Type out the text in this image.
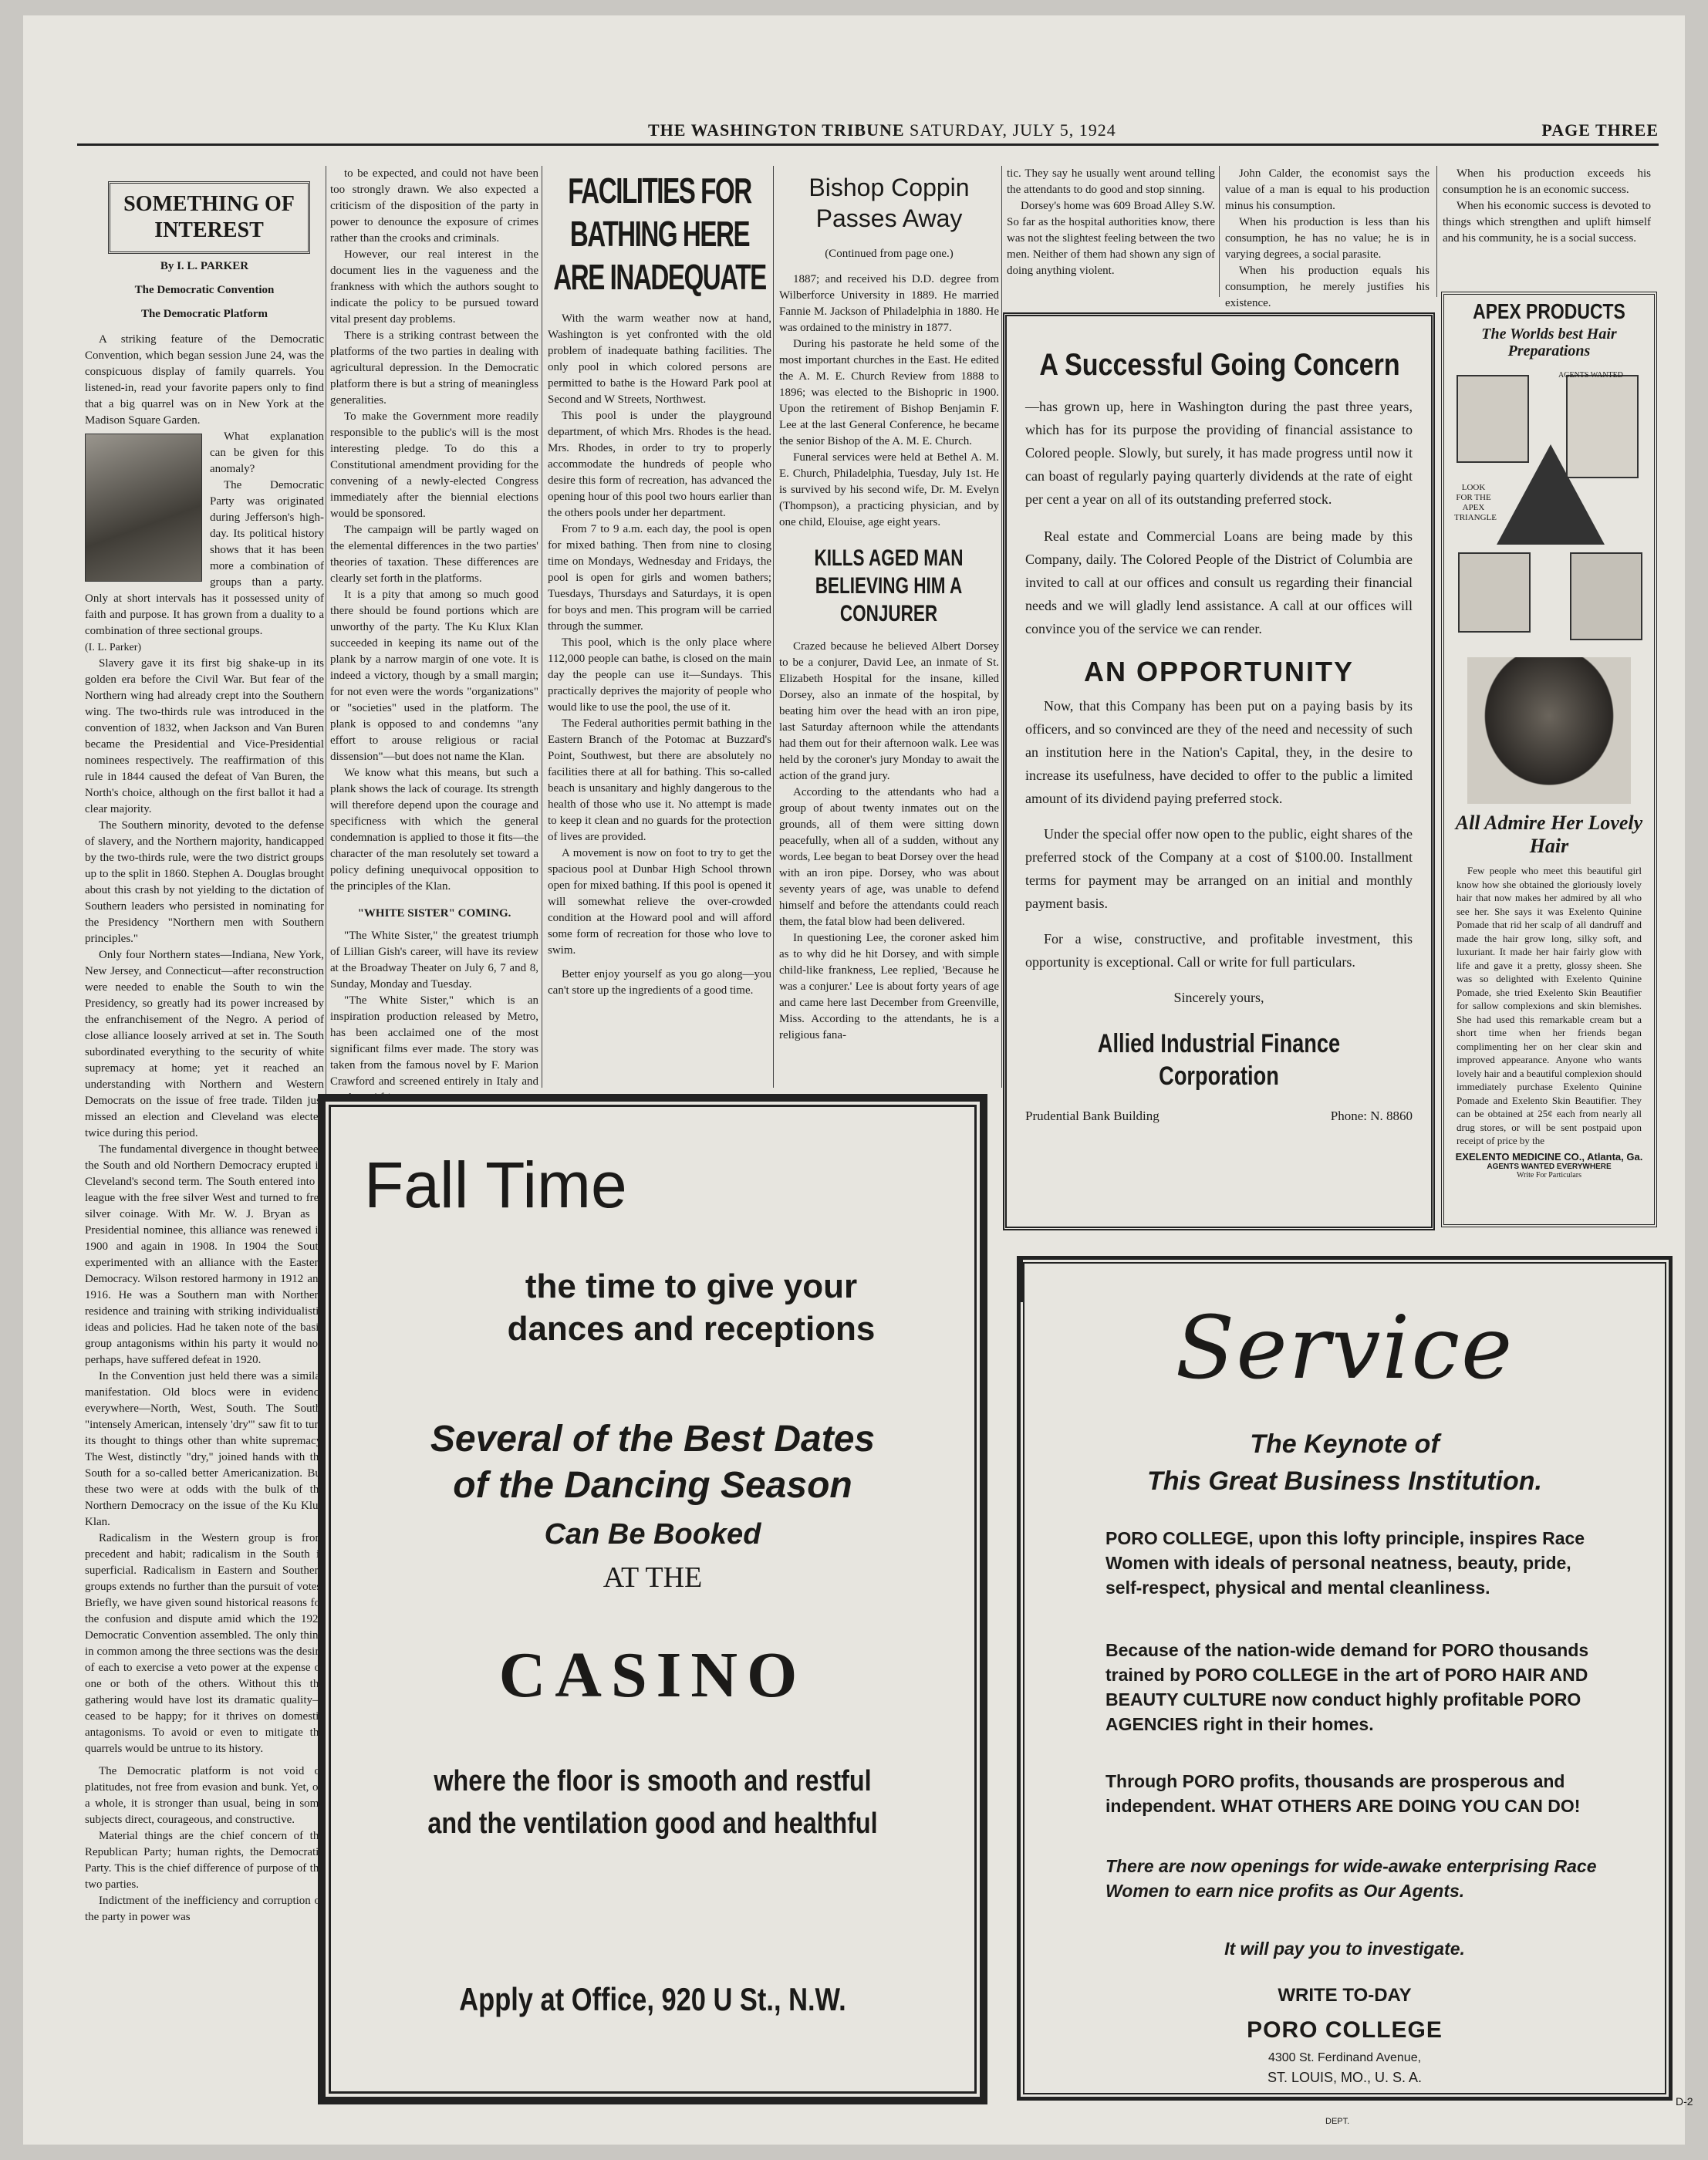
THE WASHINGTON TRIBUNE SATURDAY, JULY 5, 1924	PAGE THREE
SOMETHING OF INTEREST
By I. L. PARKER
The Democratic Convention
The Democratic Platform

A striking feature of the Democratic Convention, which began session June 24, was the conspicuous display of family quarrels. You listened-in, read your favorite papers only to find that a big quarrel was on in New York at the Madison Square Garden.

What explanation can be given for this anomaly?

The Democratic Party was originated during Jefferson's high-day. Its political history shows that it has been more a combination of groups than a party. Only at short intervals has it possessed unity of faith and purpose. It has grown from a duality to a combination of three sectional groups.

(I. L. Parker)

Slavery gave it its first big shake-up in its golden era before the Civil War. But fear of the Northern wing had already crept into the Southern wing. The two-thirds rule was introduced in the convention of 1832, when Jackson and Van Buren became the Presidential and Vice-Presidential nominees respectively. The reaffirmation of this rule in 1844 caused the defeat of Van Buren, the North's choice, although on the first ballot it had a clear majority.

The Southern minority, devoted to the defense of slavery, and the Northern majority, handicapped by the two-thirds rule, were the two district groups up to the split in 1860. Stephen A. Douglas brought about this crash by not yielding to the dictation of Southern leaders who persisted in nominating for the Presidency "Northern men with Southern principles."

Only four Northern states—Indiana, New York, New Jersey, and Connecticut—after reconstruction were needed to enable the South to win the Presidency, so greatly had its power increased by the enfranchisement of the Negro. A period of close alliance loosely arrived at set in. The South subordinated everything to the security of white supremacy at home; yet it reached an understanding with Northern and Western Democrats on the issue of free trade. Tilden just missed an election and Cleveland was elected twice during this period.

The fundamental divergence in thought between the South and old Northern Democracy erupted in Cleveland's second term. The South entered into a league with the free silver West and turned to free silver coinage. With Mr. W. J. Bryan as a Presidential nominee, this alliance was renewed in 1900 and again in 1908. In 1904 the South experimented with an alliance with the Eastern Democracy. Wilson restored harmony in 1912 and 1916. He was a Southern man with Northern residence and training with striking individualistic ideas and policies. Had he taken note of the basic group antagonisms within his party it would not, perhaps, have suffered defeat in 1920.

In the Convention just held there was a similar manifestation. Old blocs were in evidence everywhere—North, West, South. The South, "intensely American, intensely 'dry'" saw fit to turn its thought to things other than white supremacy. The West, distinctly "dry," joined hands with the South for a so-called better Americanization. But these two were at odds with the bulk of the Northern Democracy on the issue of the Ku Klux Klan.

Radicalism in the Western group is from precedent and habit; radicalism in the South is superficial. Radicalism in Eastern and Southern groups extends no further than the pursuit of votes. Briefly, we have given sound historical reasons for the confusion and dispute amid which the 1924 Democratic Convention assembled. The only thing in common among the three sections was the desire of each to exercise a veto power at the expense of one or both of the others. Without this the gathering would have lost its dramatic quality—ceased to be happy; for it thrives on domestic antagonisms. To avoid or even to mitigate the quarrels would be untrue to its history.

The Democratic platform is not void of platitudes, not free from evasion and bunk. Yet, on a whole, it is stronger than usual, being in some subjects direct, courageous, and constructive.

Material things are the chief concern of the Republican Party; human rights, the Democratic Party. This is the chief difference of purpose of the two parties.

Indictment of the inefficiency and corruption of the party in power was

to be expected, and could not have been too strongly drawn. We also expected a criticism of the disposition of the party in power to denounce the exposure of crimes rather than the crooks and criminals.

However, our real interest in the document lies in the vagueness and the frankness with which the authors sought to indicate the policy to be pursued toward vital present day problems.

There is a striking contrast between the platforms of the two parties in dealing with agricultural depression. In the Democratic platform there is but a string of meaningless generalities.

To make the Government more readily responsible to the public's will is the most interesting pledge. To do this a Constitutional amendment providing for the convening of a newly-elected Congress immediately after the biennial elections would be sponsored.

The campaign will be partly waged on the elemental differences in the two parties' theories of taxation. These differences are clearly set forth in the platforms.

It is a pity that among so much good there should be found portions which are unworthy of the party. The Ku Klux Klan succeeded in keeping its name out of the plank by a narrow margin of one vote. It is indeed a victory, though by a small margin; for not even were the words "organizations" or "societies" used in the platform. The plank is opposed to and condemns "any effort to arouse religious or racial dissension"—but does not name the Klan.

We know what this means, but such a plank shows the lack of courage. Its strength will therefore depend upon the courage and specificness with which the general condemnation is applied to those it fits—the character of the man resolutely set toward a policy defining unequivocal opposition to the principles of the Klan.

"WHITE SISTER" COMING.

"The White Sister," the greatest triumph of Lillian Gish's career, will have its review at the Broadway Theater on July 6, 7 and 8, Sunday, Monday and Tuesday.

"The White Sister," which is an inspiration production released by Metro, has been acclaimed one of the most significant films ever made. The story was taken from the famous novel by F. Marion Crawford and screened entirely in Italy and northern Africa.

FACILITIES FOR BATHING HERE ARE INADEQUATE

With the warm weather now at hand, Washington is yet confronted with the old problem of inadequate bathing facilities. The only pool in which colored persons are permitted to bathe is the Howard Park pool at Second and W Streets, Northwest.

This pool is under the playground department, of which Mrs. Rhodes is the head. Mrs. Rhodes, in order to try to properly accommodate the hundreds of people who desire this form of recreation, has advanced the opening hour of this pool two hours earlier than the others pools under her department.

From 7 to 9 a.m. each day, the pool is open for mixed bathing. Then from nine to closing time on Mondays, Wednesday and Fridays, the pool is open for girls and women bathers; Tuesdays, Thursdays and Saturdays, it is open for boys and men. This program will be carried through the summer.

This pool, which is the only place where 112,000 people can bathe, is closed on the main day the people can use it—Sundays. This practically deprives the majority of people who would like to use the pool, the use of it.

The Federal authorities permit bathing in the Eastern Branch of the Potomac at Buzzard's Point, Southwest, but there are absolutely no facilities there at all for bathing. This so-called beach is unsanitary and highly dangerous to the health of those who use it. No attempt is made to keep it clean and no guards for the protection of lives are provided.

A movement is now on foot to try to get the spacious pool at Dunbar High School thrown open for mixed bathing. If this pool is opened it will somewhat relieve the over-crowded condition at the Howard pool and will afford some form of recreation for those who love to swim.

Better enjoy yourself as you go along—you can't store up the ingredients of a good time.

Bishop Coppin Passes Away
(Continued from page one.)

1887; and received his D.D. degree from Wilberforce University in 1889. He married Fannie M. Jackson of Philadelphia in 1880. He was ordained to the ministry in 1877.

During his pastorate he held some of the most important churches in the East. He edited the A. M. E. Church Review from 1888 to 1896; was elected to the Bishopric in 1900. Upon the retirement of Bishop Benjamin F. Lee at the last General Conference, he became the senior Bishop of the A. M. E. Church.

Funeral services were held at Bethel A. M. E. Church, Philadelphia, Tuesday, July 1st. He is survived by his second wife, Dr. M. Evelyn (Thompson), a practicing physician, and by one child, Elouise, age eight years.

KILLS AGED MAN BELIEVING HIM A CONJURER

Crazed because he believed Albert Dorsey to be a conjurer, David Lee, an inmate of St. Elizabeth Hospital for the insane, killed Dorsey, also an inmate of the hospital, by beating him over the head with an iron pipe, last Saturday afternoon while the attendants had them out for their afternoon walk. Lee was held by the coroner's jury Monday to await the action of the grand jury.

According to the attendants who had a group of about twenty inmates out on the grounds, all of them were sitting down peacefully, when all of a sudden, without any words, Lee began to beat Dorsey over the head with an iron pipe. Dorsey, who was about seventy years of age, was unable to defend himself and before the attendants could reach them, the fatal blow had been delivered.

In questioning Lee, the coroner asked him as to why did he hit Dorsey, and with simple child-like frankness, Lee replied, 'Because he was a conjurer.' Lee is about forty years of age and came here last December from Greenville, Miss. According to the attendants, he is a religious fana-

tic. They say he usually went around telling the attendants to do good and stop sinning.

Dorsey's home was 609 Broad Alley S.W. So far as the hospital authorities know, there was not the slightest feeling between the two men. Neither of them had shown any sign of doing anything violent.

John Calder, the economist says the value of a man is equal to his production minus his consumption.

When his production is less than his consumption, he has no value; he is in varying degrees, a social parasite.

When his production equals his consumption, he merely justifies his existence.

When his production exceeds his consumption he is an economic success.

When his economic success is devoted to things which strengthen and uplift himself and his community, he is a social success.

A Successful Going Concern

—has grown up, here in Washington during the past three years, which has for its purpose the providing of financial assistance to Colored people. Slowly, but surely, it has made progress until now it can boast of regularly paying quarterly dividends at the rate of eight per cent a year on all of its outstanding preferred stock.

Real estate and Commercial Loans are being made by this Company, daily. The Colored People of the District of Columbia are invited to call at our offices and consult us regarding their financial needs and we will gladly lend assistance. A call at our offices will convince you of the service we can render.

AN OPPORTUNITY

Now, that this Company has been put on a paying basis by its officers, and so convinced are they of the need and necessity of such an institution here in the Nation's Capital, they, in the desire to increase its usefulness, have decided to offer to the public a limited amount of its dividend paying preferred stock.

Under the special offer now open to the public, eight shares of the preferred stock of the Company at a cost of $100.00. Installment terms for payment may be arranged on an initial and monthly payment basis.

For a wise, constructive, and profitable investment, this opportunity is exceptional. Call or write for full particulars.

Sincerely yours,
Allied Industrial Finance Corporation
Prudential Bank Building	Phone: N. 8860
APEX PRODUCTS
The Worlds best Hair Preparations
LOOK FOR THE APEX TRIANGLE
AGENTS WANTED
All Admire Her Lovely Hair
Few people who meet this beautiful girl know how she obtained the gloriously lovely hair that now makes her admired by all who see her. She says it was Exelento Quinine Pomade that rid her scalp of all dandruff and made the hair grow long, silky soft, and luxuriant. It made her hair fairly glow with life and gave it a pretty, glossy sheen. She was so delighted with Exelento Quinine Pomade, she tried Exelento Skin Beautifier for sallow complexions and skin blemishes. She had used this remarkable cream but a short time when her friends began complimenting her on her clear skin and improved appearance. Anyone who wants lovely hair and a beautiful complexion should immediately purchase Exelento Quinine Pomade and Exelento Skin Beautifier. They can be obtained at 25¢ each from nearly all drug stores, or will be sent postpaid upon receipt of price by the
EXELENTO MEDICINE CO., Atlanta, Ga.
AGENTS WANTED EVERYWHERE
Write For Particulars
Fall Time
the time to give your
dances and receptions
Several of the Best Dates
of the Dancing Season
Can Be Booked
AT THE
CASINO
where the floor is smooth and restful
and the ventilation good and healthful
Apply at Office, 920 U St., N.W.
Service
The Keynote of
This Great Business Institution.
PORO COLLEGE, upon this lofty principle, inspires Race Women with ideals of personal neatness, beauty, pride, self-respect, physical and mental cleanliness.
Because of the nation-wide demand for PORO thousands trained by PORO COLLEGE in the art of PORO HAIR AND BEAUTY CULTURE now conduct highly profitable PORO AGENCIES right in their homes.
Through PORO profits, thousands are prosperous and independent. WHAT OTHERS ARE DOING YOU CAN DO!
There are now openings for wide-awake enterprising Race Women to earn nice profits as Our Agents.
It will pay you to investigate.
WRITE TO-DAY
PORO COLLEGE
4300 St. Ferdinand Avenue,
ST. LOUIS, MO., U. S. A.
DEPT.
D-2
